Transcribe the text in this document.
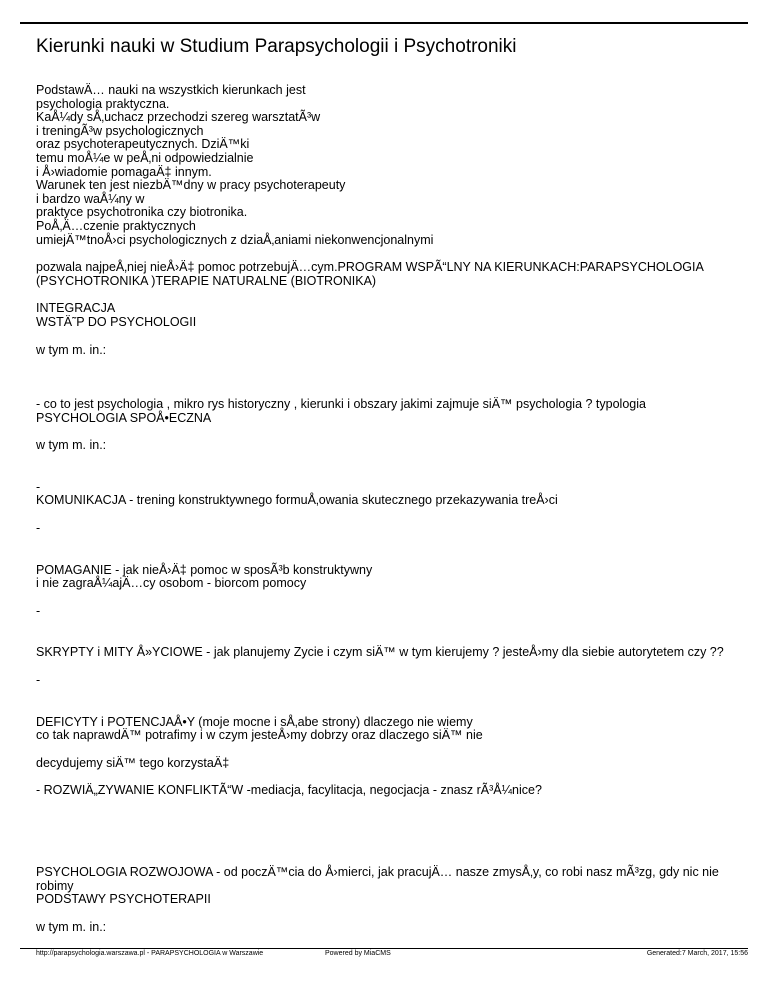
Kierunki nauki w Studium Parapsychologii i Psychotroniki

PodstawÄ… nauki na wszystkich kierunkach jest
psychologia praktyczna.
KaÅ¼dy sÅ‚uchacz przechodzi szereg warsztatÃ³w
i treningÃ³w psychologicznych
oraz psychoterapeutycznych. DziÄ™ki
temu moÅ¼e w peÅ‚ni odpowiedzialnie
i Å›wiadomie pomagaÄ‡ innym.
Warunek ten jest niezbÄ™dny w pracy psychoterapeuty
i bardzo waÅ¼ny w
praktyce psychotronika czy biotronika.
PoÅ‚Ä…czenie praktycznych
umiejÄ™tnoÅ›ci psychologicznych z dziaÅ‚aniami niekonwencjonalnymi

pozwala najpeÅ‚niej nieÅ›Ä‡ pomoc potrzebujÄ…cym.PROGRAM WSPÃ“LNY NA KIERUNKACH:PARAPSYCHOLOGIA
(PSYCHOTRONIKA )TERAPIE NATURALNE (BIOTRONIKA)

INTEGRACJA
WSTÄ˜P DO PSYCHOLOGII

w tym m. in.:

- co to jest psychologia , mikro rys historyczny , kierunki i obszary jakimi zajmuje siÄ™ psychologia ? typologia
PSYCHOLOGIA SPOÅ•ECZNA

w tym m. in.:

-
KOMUNIKACJA - trening konstruktywnego formuÅ‚owania skutecznego przekazywania treÅ›ci

-

POMAGANIE - jak nieÅ›Ä‡ pomoc w sposÃ³b konstruktywny
i nie zagraÅ¼ajÄ…cy osobom - biorcom pomocy

-

SKRYPTY i MITY Å»YCIOWE - jak planujemy Zycie i czym siÄ™ w tym kierujemy ? jesteÅ›my dla siebie autorytetem czy ??

-

DEFICYTY i POTENCJAÅ•Y (moje mocne i sÅ‚abe strony) dlaczego nie wiemy
co tak naprawdÄ™ potrafimy i w czym jesteÅ›my dobrzy oraz dlaczego siÄ™ nie

decydujemy siÄ™ tego korzystaÄ‡

- ROZWIÄ„ZYWANIE KONFLIKTÃ“W -mediacja, facylitacja, negocjacja - znasz rÃ³Å¼nice?

PSYCHOLOGIA ROZWOJOWA - od poczÄ™cia do Å›mierci, jak pracujÄ… nasze zmysÅ‚y, co robi nasz mÃ³zg, gdy nic nie
robimy
PODSTAWY PSYCHOTERAPII

w tym m. in.:

http://parapsychologia.warszawa.pl - PARAPSYCHOLOGIA w Warszawie	Powered by MiaCMS	Generated:7 March, 2017, 15:56
